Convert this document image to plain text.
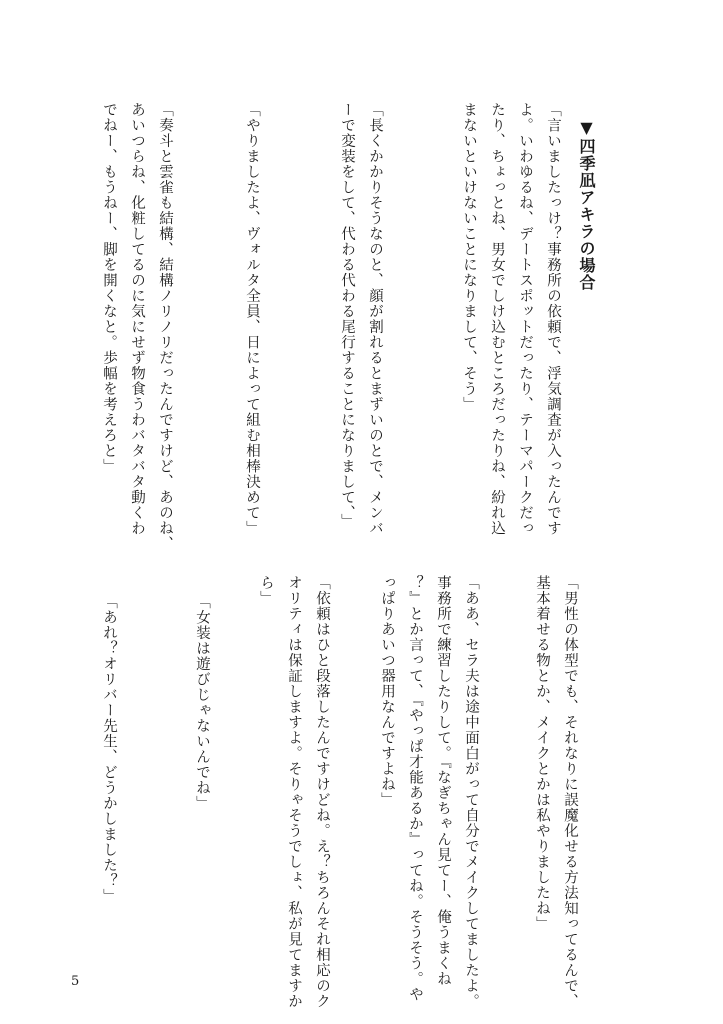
▼四季凪アキラの場合

「言いましたっけ？事務所の依頼で、浮気調査が入ったんです
よ。いわゆるね、デートスポットだったり、テーマパークだっ
たり、ちょっとね、男女でしけ込むところだったりね、紛れ込
まないといけないことになりまして、そう」

「長くかかりそうなのと、顔が割れるとまずいのとで、メンバ
ーで変装をして、代わる代わる尾行することになりまして、」

「やりましたよ、ヴォルタ全員、日によって組む相棒決めて」

「奏斗と雲雀も結構、結構ノリノリだったんですけど、あのね、
あいつらね、化粧してるのに気にせず物食うわバタバタ動くわ
でねー、もうねー、脚を開くなと。歩幅を考えろと」

「男性の体型でも、それなりに誤魔化せる方法知ってるんで、
基本着せる物とか、メイクとかは私やりましたね」

「ああ、セラ夫は途中面白がって自分でメイクしてましたよ。
事務所で練習したりして。『なぎちゃん見てー、俺うまくね
？』とか言って、『やっぱ才能あるか』ってね。そうそう。や
っぱりあいつ器用なんですよね」

「依頼はひと段落したんですけどね。え？ちろんそれ相応のク
オリティは保証しますよ。そりゃそうでしょ、私が見てますか
ら」

「女装は遊びじゃないんでね」

「あれ？オリバー先生、どうかしました？」

5
